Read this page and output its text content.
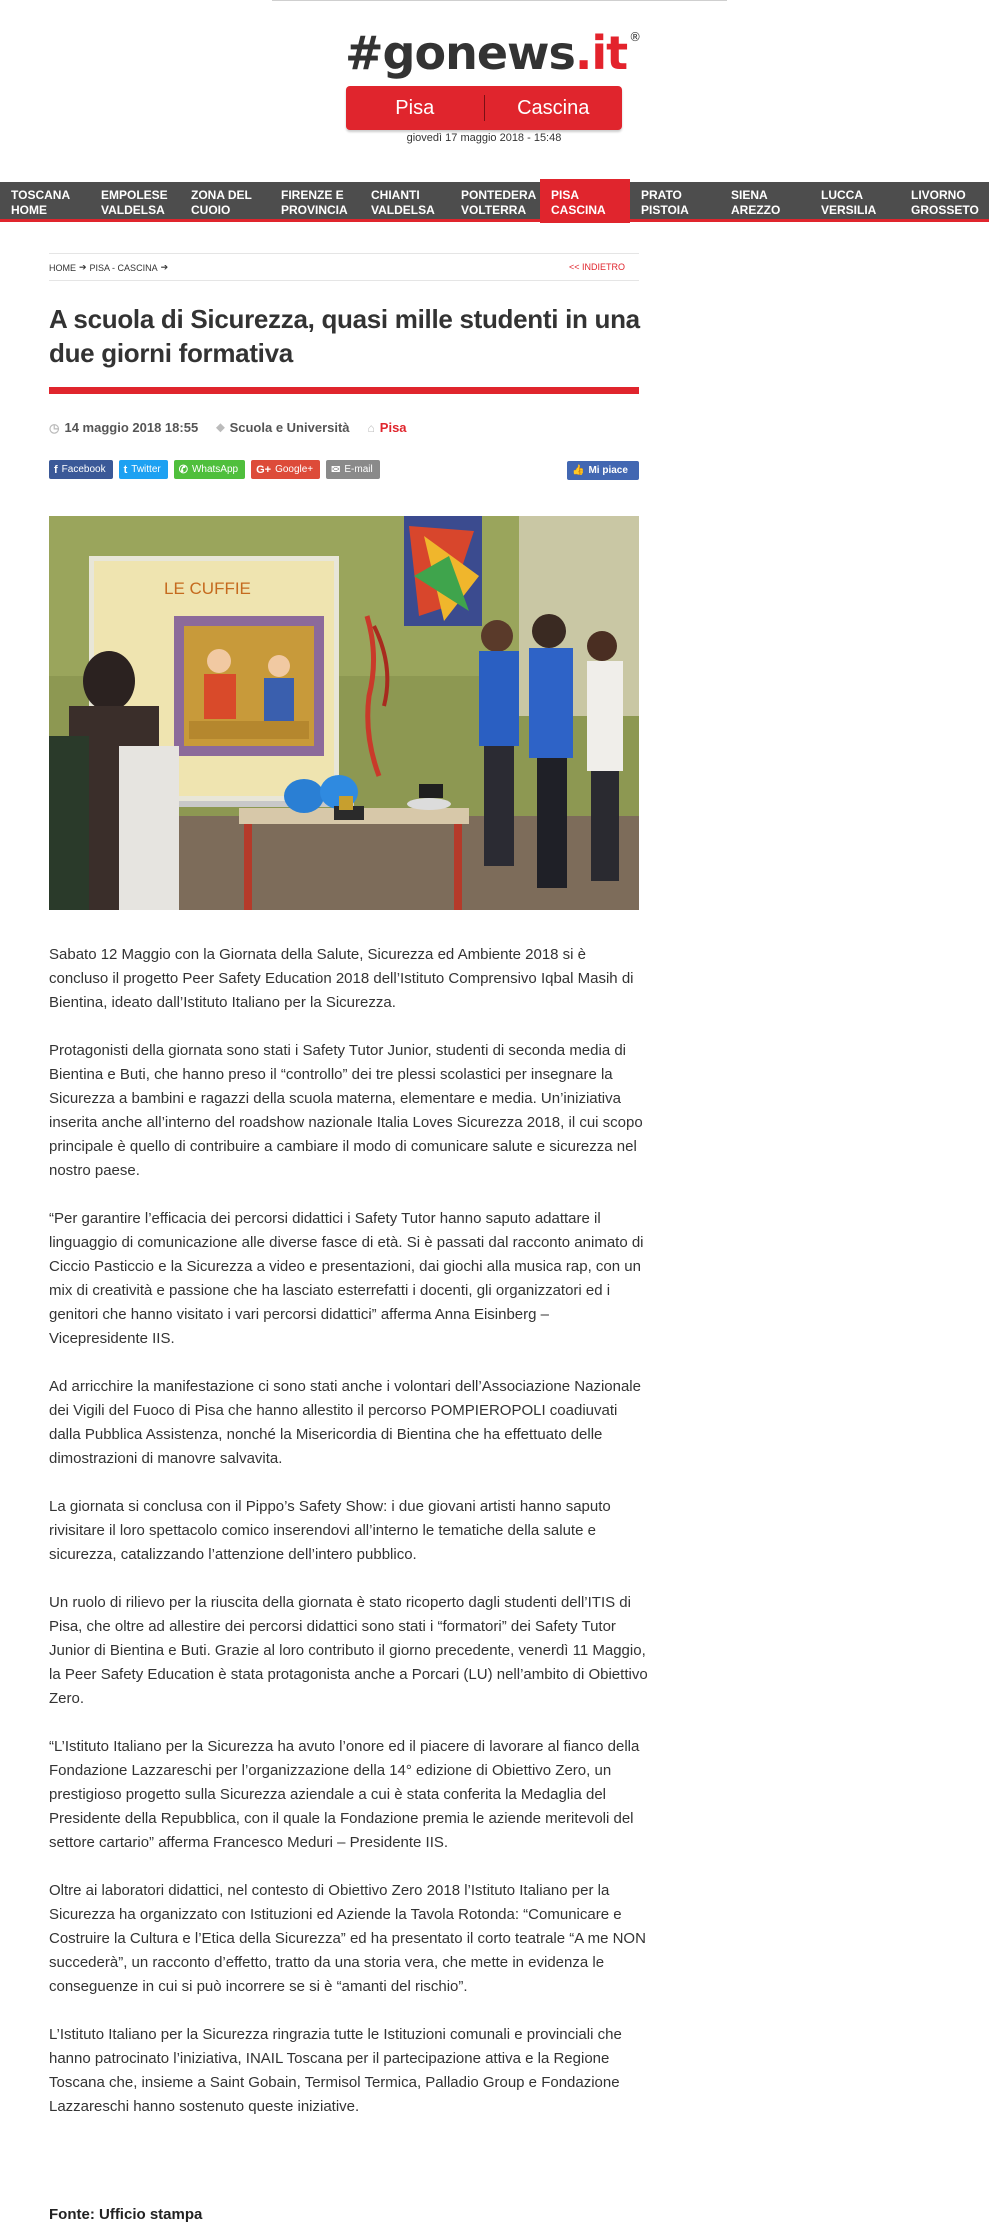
# gonews .it ®
Pisa	Cascina
giovedì 17 maggio 2018 - 15:48
TOSCANA
HOME
EMPOLESE
VALDELSA
ZONA DEL
CUOIO
FIRENZE E
PROVINCIA
CHIANTI
VALDELSA
PONTEDERA
VOLTERRA
PISA
CASCINA
PRATO
PISTOIA
SIENA
AREZZO
LUCCA
VERSILIA
LIVORNO
GROSSETO
HOME ➔ PISA - CASCINA ➔	<< INDIETRO
A scuola di Sicurezza, quasi mille studenti in una due giorni formativa
◷ 14 maggio 2018 18:55 ⬥ Scuola e Università ⌂ Pisa
f Facebook t Twitter ✆ WhatsApp G+ Google+ ✉ E-mail	👍 Mi piace
LE CUFFIE

Sabato 12 Maggio con la Giornata della Salute, Sicurezza ed Ambiente 2018 si è concluso il progetto Peer Safety Education 2018 dell’Istituto Comprensivo Iqbal Masih di Bientina, ideato dall’Istituto Italiano per la Sicurezza.

Protagonisti della giornata sono stati i Safety Tutor Junior, studenti di seconda media di Bientina e Buti, che hanno preso il “controllo” dei tre plessi scolastici per insegnare la Sicurezza a bambini e ragazzi della scuola materna, elementare e media. Un’iniziativa inserita anche all’interno del roadshow nazionale Italia Loves Sicurezza 2018, il cui scopo principale è quello di contribuire a cambiare il modo di comunicare salute e sicurezza nel nostro paese.

“Per garantire l’efficacia dei percorsi didattici i Safety Tutor hanno saputo adattare il linguaggio di comunicazione alle diverse fasce di età. Si è passati dal racconto animato di Ciccio Pasticcio e la Sicurezza a video e presentazioni, dai giochi alla musica rap, con un mix di creatività e passione che ha lasciato esterrefatti i docenti, gli organizzatori ed i genitori che hanno visitato i vari percorsi didattici” afferma Anna Eisinberg – Vicepresidente IIS.

Ad arricchire la manifestazione ci sono stati anche i volontari dell’Associazione Nazionale dei Vigili del Fuoco di Pisa che hanno allestito il percorso POMPIEROPOLI coadiuvati dalla Pubblica Assistenza, nonché la Misericordia di Bientina che ha effettuato delle dimostrazioni di manovre salvavita.

La giornata si conclusa con il Pippo’s Safety Show: i due giovani artisti hanno saputo rivisitare il loro spettacolo comico inserendovi all’interno le tematiche della salute e sicurezza, catalizzando l’attenzione dell’intero pubblico.

Un ruolo di rilievo per la riuscita della giornata è stato ricoperto dagli studenti dell’ITIS di Pisa, che oltre ad allestire dei percorsi didattici sono stati i “formatori” dei Safety Tutor Junior di Bientina e Buti. Grazie al loro contributo il giorno precedente, venerdì 11 Maggio, la Peer Safety Education è stata protagonista anche a Porcari (LU) nell’ambito di Obiettivo Zero.

“L’Istituto Italiano per la Sicurezza ha avuto l’onore ed il piacere di lavorare al fianco della Fondazione Lazzareschi per l’organizzazione della 14° edizione di Obiettivo Zero, un prestigioso progetto sulla Sicurezza aziendale a cui è stata conferita la Medaglia del Presidente della Repubblica, con il quale la Fondazione premia le aziende meritevoli del settore cartario” afferma Francesco Meduri – Presidente IIS.

Oltre ai laboratori didattici, nel contesto di Obiettivo Zero 2018 l’Istituto Italiano per la Sicurezza ha organizzato con Istituzioni ed Aziende la Tavola Rotonda: “Comunicare e Costruire la Cultura e l’Etica della Sicurezza” ed ha presentato il corto teatrale “A me NON succederà”, un racconto d’effetto, tratto da una storia vera, che mette in evidenza le conseguenze in cui si può incorrere se si è “amanti del rischio”.

L’Istituto Italiano per la Sicurezza ringrazia tutte le Istituzioni comunali e provinciali che hanno patrocinato l’iniziativa, INAIL Toscana per il partecipazione attiva e la Regione Toscana che, insieme a Saint Gobain, Termisol Termica, Palladio Group e Fondazione Lazzareschi hanno sostenuto queste iniziative.

Fonte: Ufficio stampa
